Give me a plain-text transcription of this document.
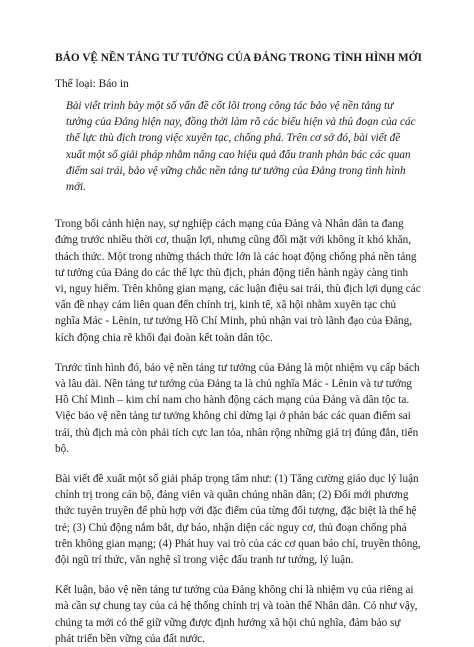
BẢO VỆ NỀN TẢNG TƯ TƯỞNG CỦA ĐẢNG TRONG TÌNH HÌNH MỚI

Thể loại: Báo in

Bài viết trình bày một số vấn đề cốt lõi trong công tác bảo vệ nền tảng tư tưởng của Đảng hiện nay, đồng thời làm rõ các biểu hiện và thủ đoạn của các thế lực thù địch trong việc xuyên tạc, chống phá. Trên cơ sở đó, bài viết đề xuất một số giải pháp nhằm nâng cao hiệu quả đấu tranh phản bác các quan điểm sai trái, bảo vệ vững chắc nền tảng tư tưởng của Đảng trong tình hình mới.

Trong bối cảnh hiện nay, sự nghiệp cách mạng của Đảng và Nhân dân ta đang đứng trước nhiều thời cơ, thuận lợi, nhưng cũng đối mặt với không ít khó khăn, thách thức. Một trong những thách thức lớn là các hoạt động chống phá nền tảng tư tưởng của Đảng do các thế lực thù địch, phản động tiến hành ngày càng tinh vi, nguy hiểm. Trên không gian mạng, các luận điệu sai trái, thù địch lợi dụng các vấn đề nhạy cảm liên quan đến chính trị, kinh tế, xã hội nhằm xuyên tạc chủ nghĩa Mác - Lênin, tư tưởng Hồ Chí Minh, phủ nhận vai trò lãnh đạo của Đảng, kích động chia rẽ khối đại đoàn kết toàn dân tộc.

Trước tình hình đó, bảo vệ nền tảng tư tưởng của Đảng là một nhiệm vụ cấp bách và lâu dài. Nền tảng tư tưởng của Đảng ta là chủ nghĩa Mác - Lênin và tư tưởng Hồ Chí Minh – kim chỉ nam cho hành động cách mạng của Đảng và dân tộc ta. Việc bảo vệ nền tảng tư tưởng không chỉ dừng lại ở phản bác các quan điểm sai trái, thù địch mà còn phải tích cực lan tỏa, nhân rộng những giá trị đúng đắn, tiến bộ.

Bài viết đề xuất một số giải pháp trọng tâm như: (1) Tăng cường giáo dục lý luận chính trị trong cán bộ, đảng viên và quần chúng nhân dân; (2) Đổi mới phương thức tuyên truyền để phù hợp với đặc điểm của từng đối tượng, đặc biệt là thế hệ trẻ; (3) Chủ động nắm bắt, dự báo, nhận diện các nguy cơ, thủ đoạn chống phá trên không gian mạng; (4) Phát huy vai trò của các cơ quan báo chí, truyền thông, đội ngũ trí thức, văn nghệ sĩ trong việc đấu tranh tư tưởng, lý luận.

Kết luận, bảo vệ nền tảng tư tưởng của Đảng không chỉ là nhiệm vụ của riêng ai mà cần sự chung tay của cả hệ thống chính trị và toàn thể Nhân dân. Có như vậy, chúng ta mới có thể giữ vững được định hướng xã hội chủ nghĩa, đảm bảo sự phát triển bền vững của đất nước.
